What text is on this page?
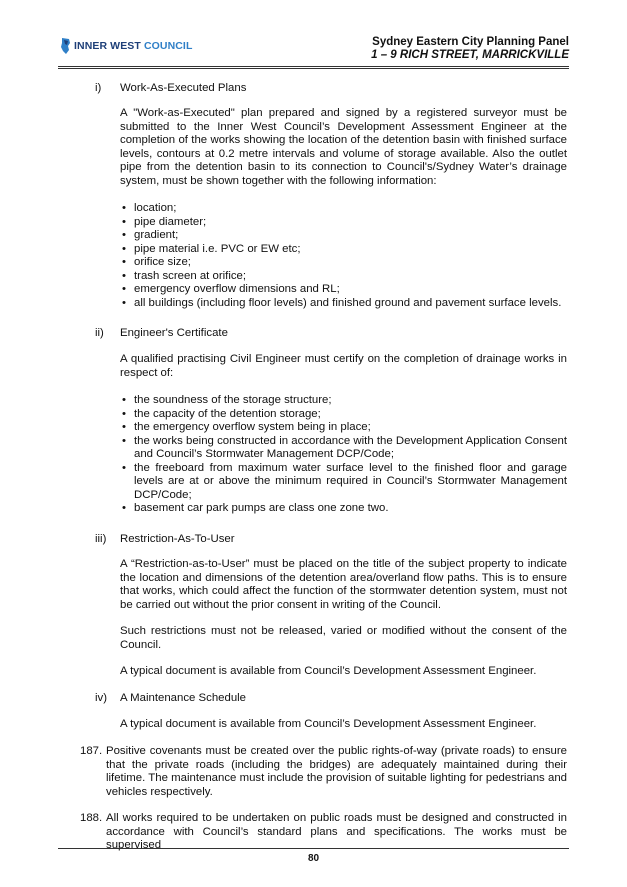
INNER WEST COUNCIL	Sydney Eastern City Planning Panel
1 – 9 RICH STREET, MARRICKVILLE
i) Work-As-Executed Plans
A "Work-as-Executed" plan prepared and signed by a registered surveyor must be submitted to the Inner West Council’s Development Assessment Engineer at the completion of the works showing the location of the detention basin with finished surface levels, contours at 0.2 metre intervals and volume of storage available. Also the outlet pipe from the detention basin to its connection to Council's/Sydney Water’s drainage system, must be shown together with the following information:
• location;
• pipe diameter;
• gradient;
• pipe material i.e. PVC or EW etc;
• orifice size;
• trash screen at orifice;
• emergency overflow dimensions and RL;
• all buildings (including floor levels) and finished ground and pavement surface levels.
ii) Engineer's Certificate
A qualified practising Civil Engineer must certify on the completion of drainage works in respect of:
• the soundness of the storage structure;
• the capacity of the detention storage;
• the emergency overflow system being in place;
• the works being constructed in accordance with the Development Application Consent and Council’s Stormwater Management DCP/Code;
• the freeboard from maximum water surface level to the finished floor and garage levels are at or above the minimum required in Council’s Stormwater Management DCP/Code;
• basement car park pumps are class one zone two.
iii) Restriction-As-To-User
A “Restriction-as-to-User” must be placed on the title of the subject property to indicate the location and dimensions of the detention area/overland flow paths. This is to ensure that works, which could affect the function of the stormwater detention system, must not be carried out without the prior consent in writing of the Council.
Such restrictions must not be released, varied or modified without the consent of the Council.
A typical document is available from Council’s Development Assessment Engineer.
iv) A Maintenance Schedule
A typical document is available from Council’s Development Assessment Engineer.
187. Positive covenants must be created over the public rights-of-way (private roads) to ensure that the private roads (including the bridges) are adequately maintained during their lifetime. The maintenance must include the provision of suitable lighting for pedestrians and vehicles respectively.
188. All works required to be undertaken on public roads must be designed and constructed in accordance with Council’s standard plans and specifications. The works must be supervised
80
